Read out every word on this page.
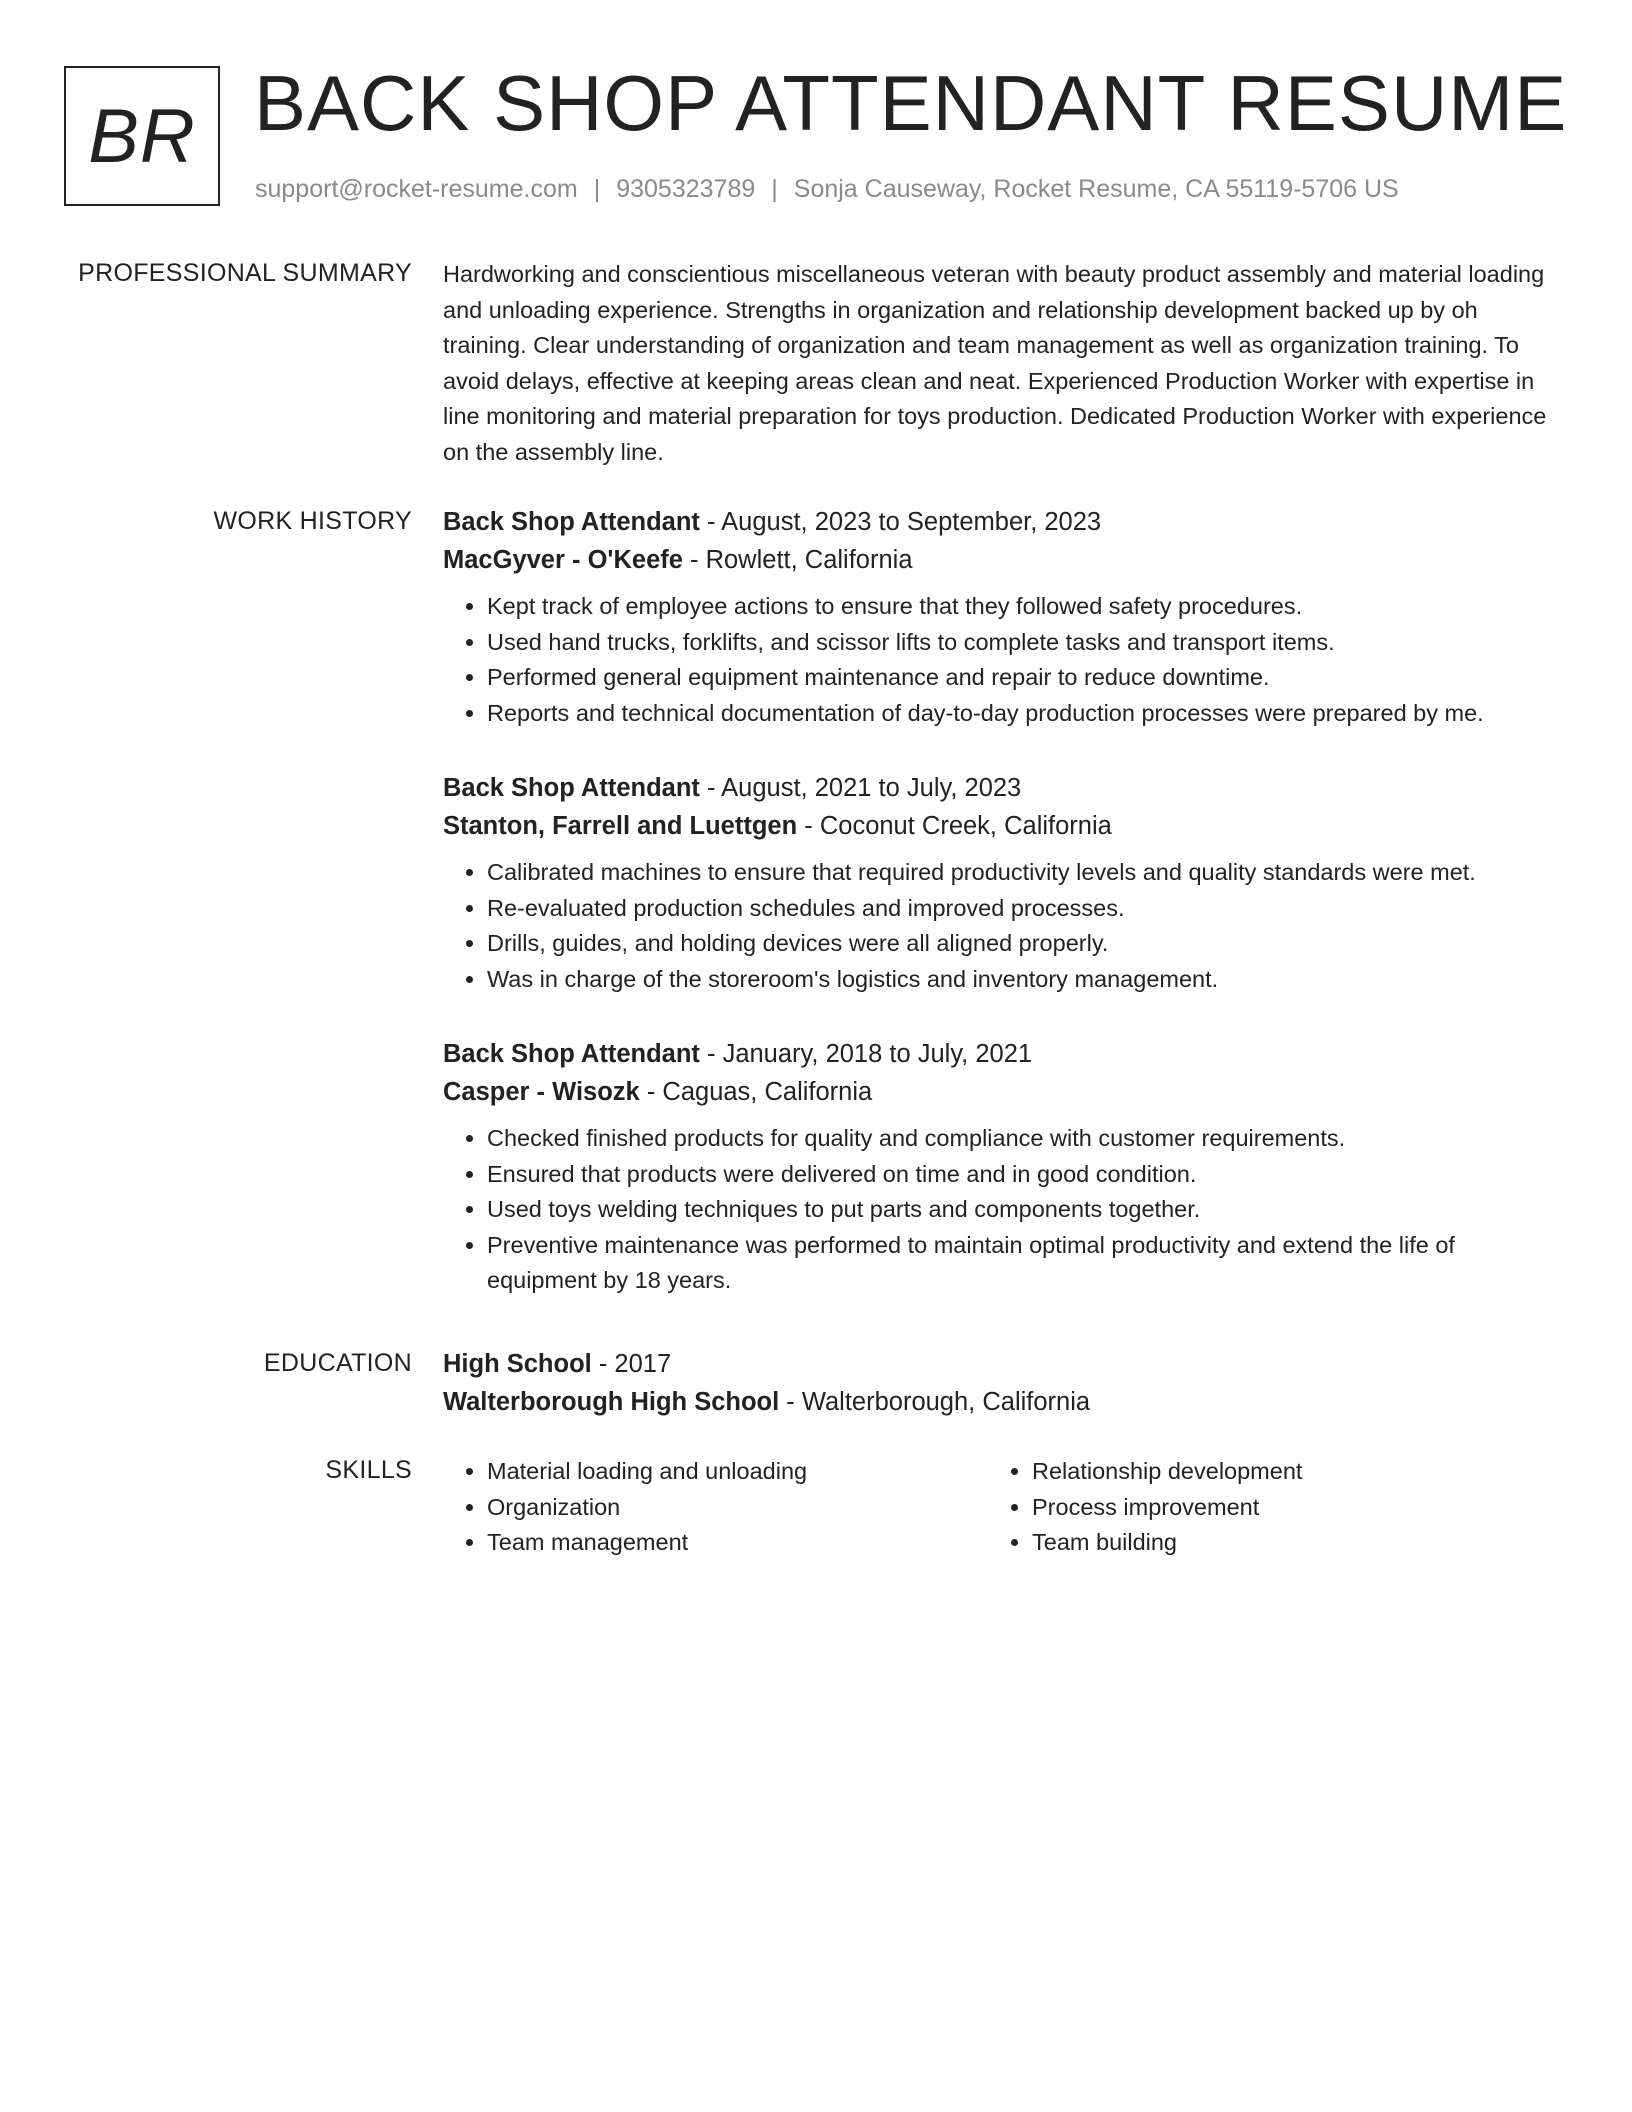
BR BACK SHOP ATTENDANT RESUME
support@rocket-resume.com | 9305323789 | Sonja Causeway, Rocket Resume, CA 55119-5706 US
PROFESSIONAL SUMMARY Hardworking and conscientious miscellaneous veteran with beauty product assembly and material loading and unloading experience. Strengths in organization and relationship development backed up by oh training. Clear understanding of organization and team management as well as organization training. To avoid delays, effective at keeping areas clean and neat. Experienced Production Worker with expertise in line monitoring and material preparation for toys production. Dedicated Production Worker with experience on the assembly line.

WORK HISTORY Back Shop Attendant - August, 2023 to September, 2023

MacGyver - O'Keefe - Rowlett, California

• Kept track of employee actions to ensure that they followed safety procedures.
• Used hand trucks, forklifts, and scissor lifts to complete tasks and transport items.
• Performed general equipment maintenance and repair to reduce downtime.
• Reports and technical documentation of day-to-day production processes were prepared by me.

Back Shop Attendant - August, 2021 to July, 2023

Stanton, Farrell and Luettgen - Coconut Creek, California

• Calibrated machines to ensure that required productivity levels and quality standards were met.
• Re-evaluated production schedules and improved processes.
• Drills, guides, and holding devices were all aligned properly.
• Was in charge of the storeroom's logistics and inventory management.

Back Shop Attendant - January, 2018 to July, 2021

Casper - Wisozk - Caguas, California

• Checked finished products for quality and compliance with customer requirements.
• Ensured that products were delivered on time and in good condition.
• Used toys welding techniques to put parts and components together.
• Preventive maintenance was performed to maintain optimal productivity and extend the life of equipment by 18 years.
EDUCATION High School - 2017

Walterborough High School - Walterborough, California

SKILLS
•	Material loading and unloading
• Organization
• Team management
• Relationship development
• Process improvement
• Team building
